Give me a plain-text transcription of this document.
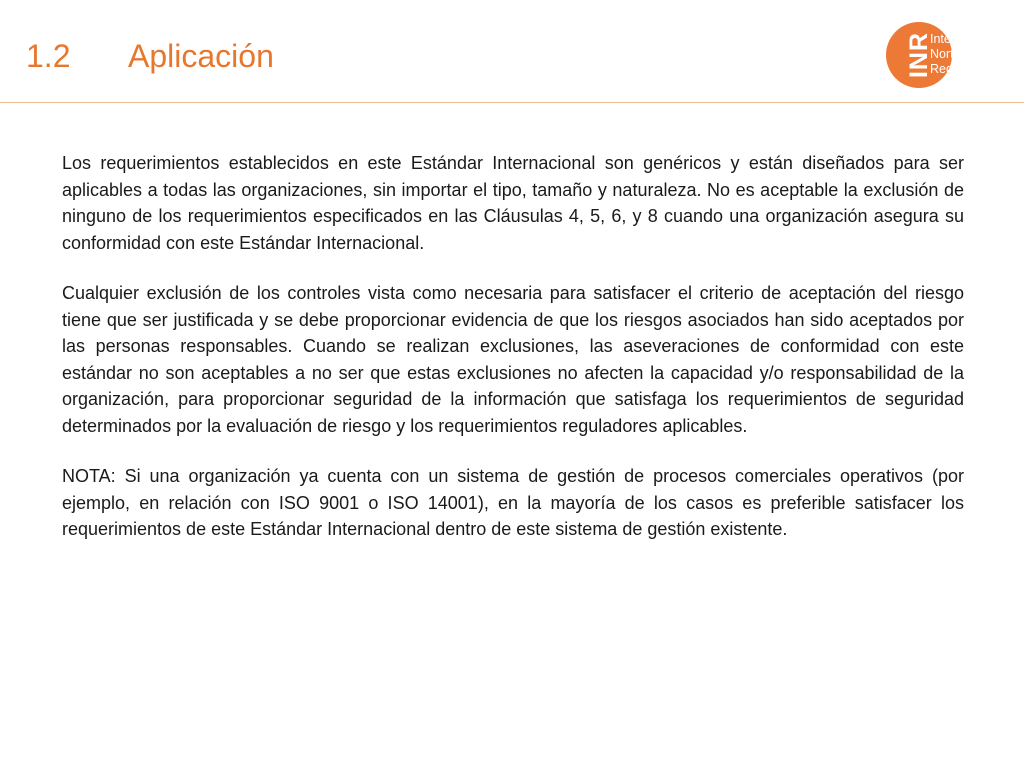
1.2	Aplicación	INR
International
Northern
Registrar

Los requerimientos establecidos en este Estándar Internacional son genéricos y están diseñados para ser aplicables a todas las organizaciones, sin importar el tipo, tamaño y naturaleza. No es aceptable la exclusión de ninguno de los requerimientos especificados en las Cláusulas 4, 5, 6, y 8 cuando una organización asegura su conformidad con este Estándar Internacional.

Cualquier exclusión de los controles vista como necesaria para satisfacer el criterio de aceptación del riesgo tiene que ser justificada y se debe proporcionar evidencia de que los riesgos asociados han sido aceptados por las personas responsables. Cuando se realizan exclusiones, las aseveraciones de conformidad con este estándar no son aceptables a no ser que estas exclusiones no afecten la capacidad y/o responsabilidad de la organización, para proporcionar seguridad de la información que satisfaga los requerimientos de seguridad determinados por la evaluación de riesgo y los requerimientos reguladores aplicables.

NOTA: Si una organización ya cuenta con un sistema de gestión de procesos comerciales operativos (por ejemplo, en relación con ISO 9001 o ISO 14001), en la mayoría de los casos es preferible satisfacer los requerimientos de este Estándar Internacional dentro de este sistema de gestión existente.
